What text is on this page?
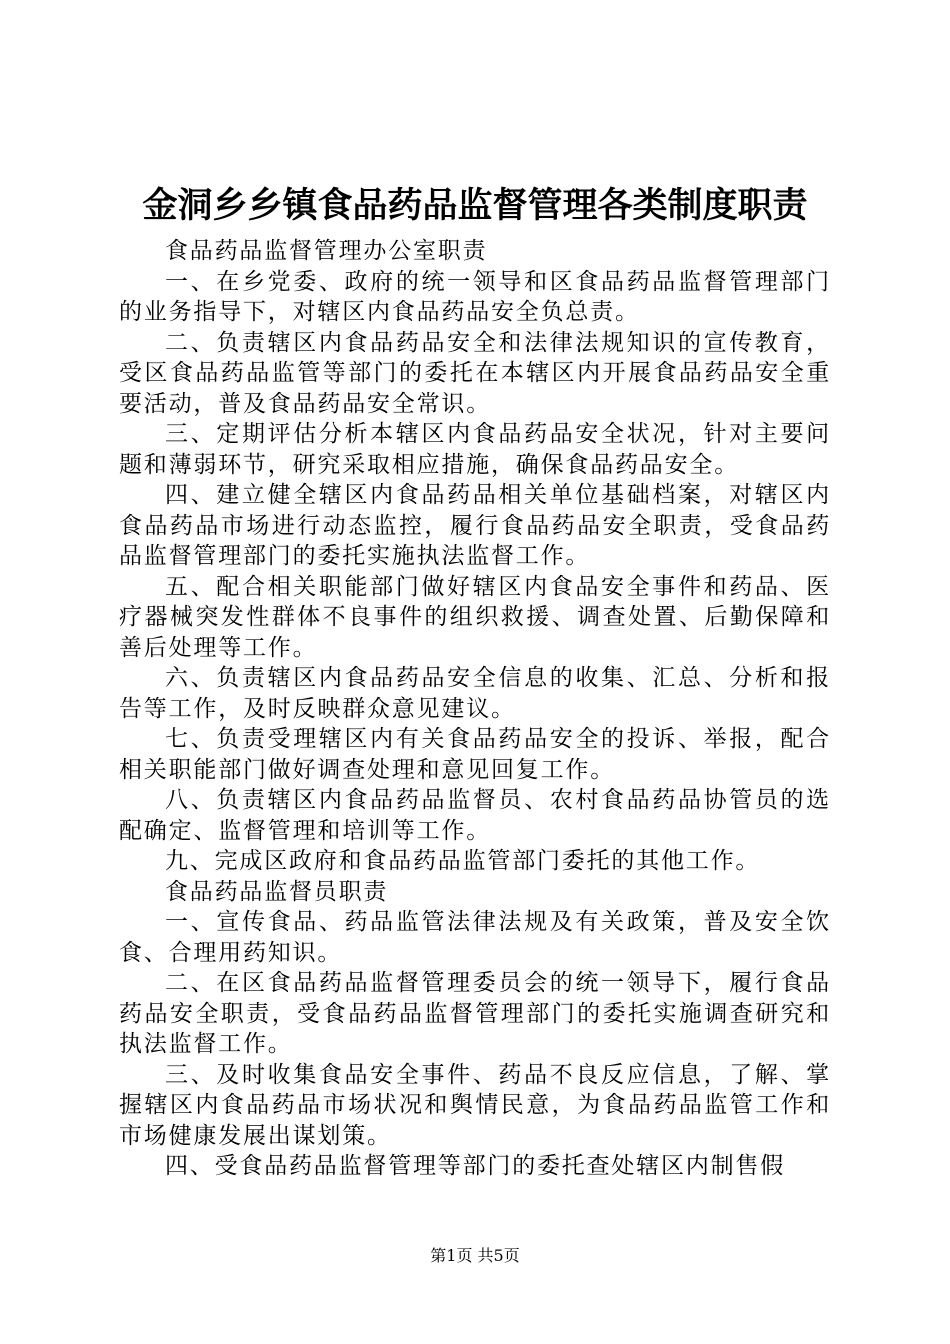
金洞乡乡镇食品药品监督管理各类制度职责

食品药品监督管理办公室职责

一、在乡党委、政府的统一领导和区食品药品监督管理部门的业务指导下，对辖区内食品药品安全负总责。

二、负责辖区内食品药品安全和法律法规知识的宣传教育，受区食品药品监管等部门的委托在本辖区内开展食品药品安全重要活动，普及食品药品安全常识。

三、定期评估分析本辖区内食品药品安全状况，针对主要问题和薄弱环节，研究采取相应措施，确保食品药品安全。

四、建立健全辖区内食品药品相关单位基础档案，对辖区内食品药品市场进行动态监控，履行食品药品安全职责，受食品药品监督管理部门的委托实施执法监督工作。

五、配合相关职能部门做好辖区内食品安全事件和药品、医疗器械突发性群体不良事件的组织救援、调查处置、后勤保障和善后处理等工作。

六、负责辖区内食品药品安全信息的收集、汇总、分析和报告等工作，及时反映群众意见建议。

七、负责受理辖区内有关食品药品安全的投诉、举报，配合相关职能部门做好调查处理和意见回复工作。

八、负责辖区内食品药品监督员、农村食品药品协管员的选配确定、监督管理和培训等工作。

九、完成区政府和食品药品监管部门委托的其他工作。

食品药品监督员职责

一、宣传食品、药品监管法律法规及有关政策，普及安全饮食、合理用药知识。

二、在区食品药品监督管理委员会的统一领导下，履行食品药品安全职责，受食品药品监督管理部门的委托实施调查研究和执法监督工作。

三、及时收集食品安全事件、药品不良反应信息，了解、掌握辖区内食品药品市场状况和舆情民意，为食品药品监管工作和市场健康发展出谋划策。

四、受食品药品监督管理等部门的委托查处辖区内制售假

第1页 共5页
